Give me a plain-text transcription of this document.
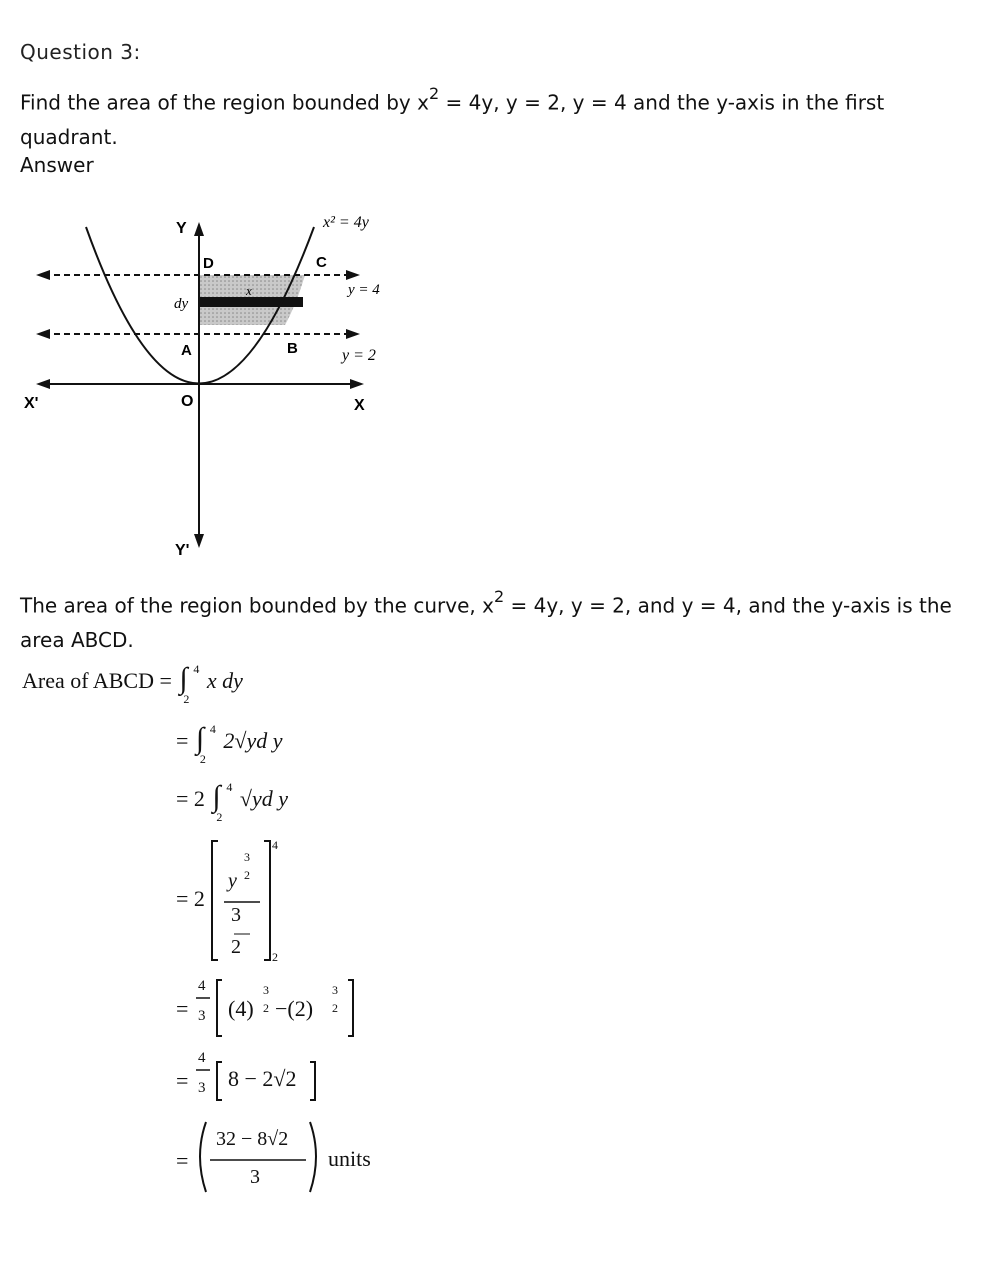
Question 3:
Find the area of the region bounded by $x^2 = 4y$, y = 2, y = 4 and the y-axis in the first quadrant.
Answer
x² = 4y
y = 4
y = 2
Y
Y'
X'	X
O
A	B
C
D
x
dy
The area of the region bounded by the curve, $x^2 = 4y$, y = 2, and y = 4, and the y-axis is the area ABCD.
Area of ABCD = ∫ 4
2
x dy
= ∫ 4
2
2√yd y
= 2 ∫ 4
2
√yd y
= 2
y
3
2
3
2
4
2
=
4
3 (4)
3
2 −(2)
3
2
=
4
3 8 − 2√2
=
32 − 8√2
3
units
